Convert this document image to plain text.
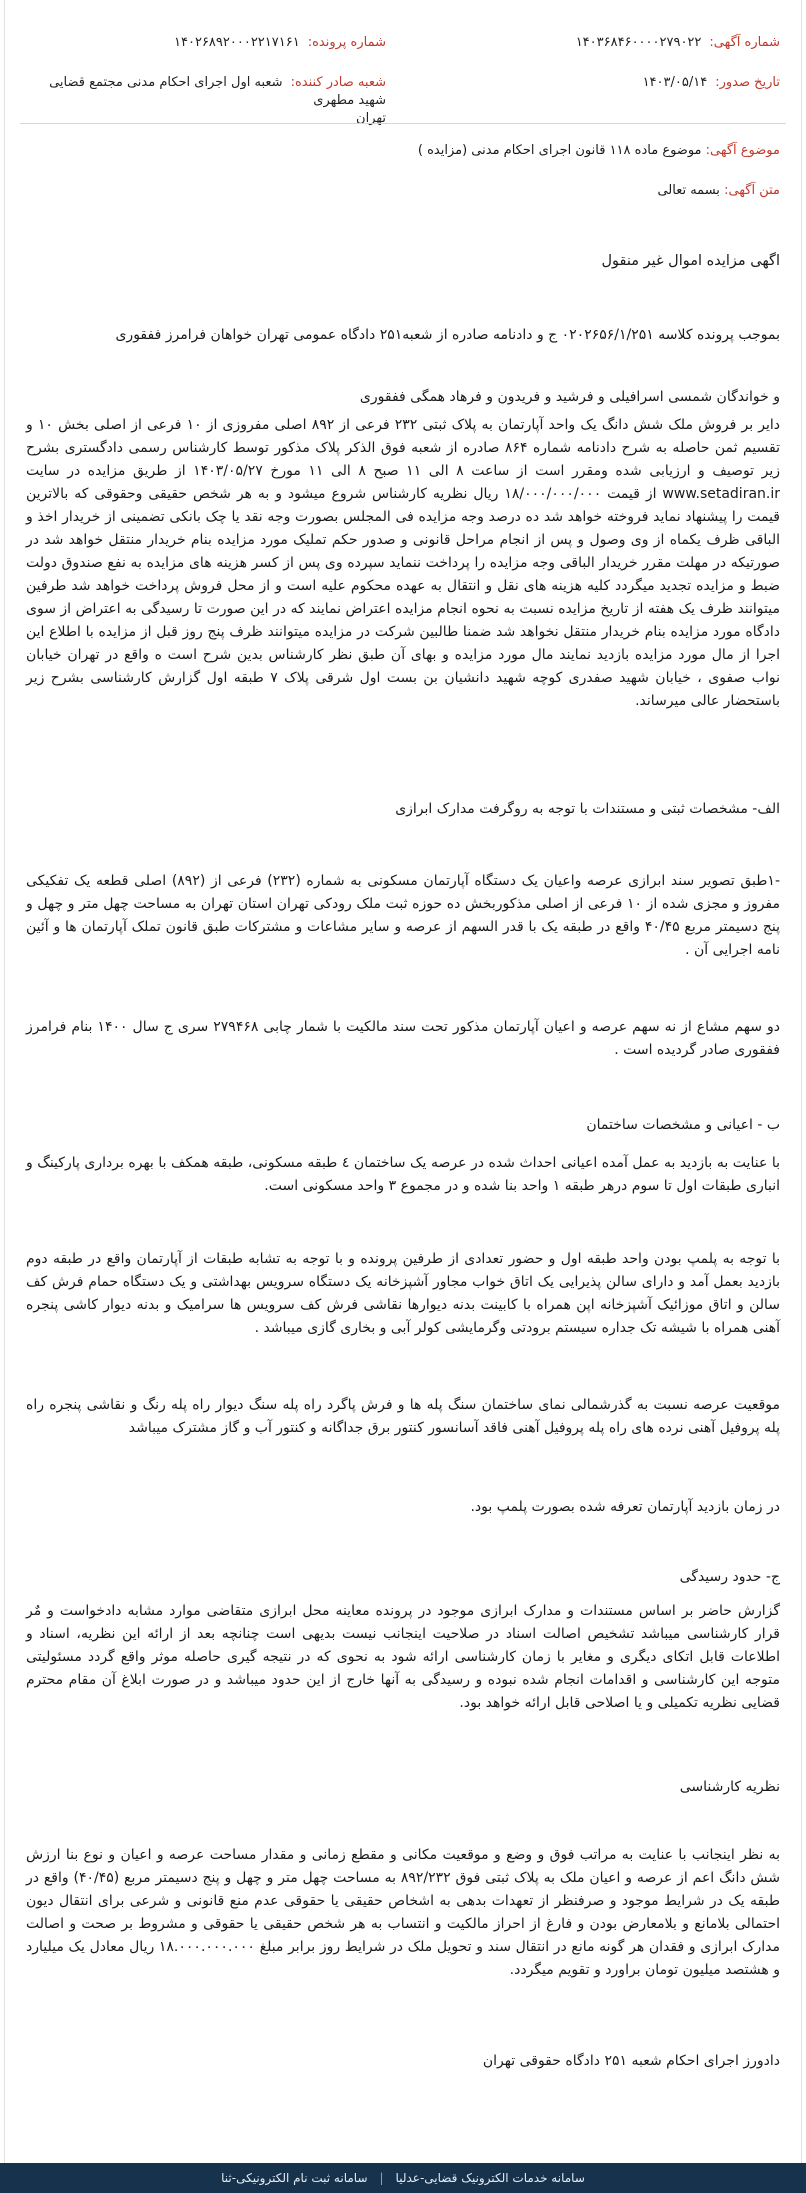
شماره آگهی:۱۴۰۳۶۸۴۶۰۰۰۰۲۷۹۰۲۲
شماره پرونده:۱۴۰۲۶۸۹۲۰۰۰۲۲۱۷۱۶۱
تاریخ صدور:۱۴۰۳/۰۵/۱۴
شعبه صادر کننده:شعبه اول اجرای احکام مدنی مجتمع قضایی شهید مطهری
تهران
موضوع آگهی: موضوع ماده ۱۱۸ قانون اجرای احکام مدنی (مزایده )
متن آگهی: بسمه تعالی
اگهی مزایده اموال غیر منقول
بموجب پرونده کلاسه ۰۲۰۲۶۵۶/۱/۲۵۱ ج و دادنامه صادره از شعبه۲۵۱ دادگاه عمومی تهران خواهان فرامرز ففقوری
و خواندگان شمسی اسرافیلی و فرشید و فریدون و فرهاد همگی ففقوری
دایر بر فروش ملک شش دانگ یک واحد آپارتمان به پلاک ثبتی ۲۳۲ فرعی از ۸۹۲ اصلی مفروزی از ۱۰ فرعی از اصلی بخش ۱۰ و تقسیم ثمن حاصله به شرح دادنامه شماره ۸۶۴ صادره از شعبه فوق الذکر پلاک مذکور توسط کارشناس رسمی دادگستری بشرح زیر توصیف و ارزیابی شده ومقرر است از ساعت ۸ الی ۱۱ صبح ۸ الی ۱۱ مورخ ۱۴۰۳/۰۵/۲۷ از طریق مزایده در سایت www.setadiran.ir از قیمت ۱۸/۰۰۰/۰۰۰/۰۰۰ ریال نظریه کارشناس شروع میشود و به هر شخص حقیقی وحقوقی که بالاترین قیمت را پیشنهاد نماید فروخته خواهد شد ده درصد وجه مزایده فی المجلس بصورت وجه نقد یا چک بانکی تضمینی از خریدار اخذ و الباقی ظرف یکماه از وی وصول و پس از انجام مراحل قانونی و صدور حکم تملیک مورد مزایده بنام خریدار منتقل خواهد شد در صورتیکه در مهلت مقرر خریدار الباقی وجه مزایده را پرداخت ننماید سپرده وی پس از کسر هزینه های مزایده به نفع صندوق دولت ضبط و مزایده تجدید میگردد کلیه هزینه های نقل و انتقال به عهده محکوم علیه است و از محل فروش پرداخت خواهد شد طرفین میتوانند ظرف یک هفته از تاریخ مزایده نسبت به نحوه انجام مزایده اعتراض نمایند که در این صورت تا رسیدگی به اعتراض از سوی دادگاه مورد مزایده بنام خریدار منتقل نخواهد شد ضمنا طالبین شرکت در مزایده میتوانند ظرف پنج روز قبل از مزایده با اطلاع این اجرا از مال مورد مزایده بازدید نمایند مال مورد مزایده و بهای آن طبق نظر کارشناس بدین شرح است ه واقع در تهران خیابان نواب صفوی ، خیابان شهید صفدری کوچه شهید دانشیان بن بست اول شرقی پلاک ۷ طبقه اول گزارش کارشناسی بشرح زیر باستحضار عالی میرساند.
الف- مشخصات ثبتی و مستندات با توجه به روگرفت مدارک ابرازی
-۱طبق تصویر سند ابرازی عرصه واعیان یک دستگاه آپارتمان مسکونی به شماره (۲۳۲) فرعی از (۸۹۲) اصلی قطعه یک تفکیکی مفروز و مجزی شده از ۱۰ فرعی از اصلی مذکوربخش ده حوزه ثبت ملک رودکی تهران استان تهران به مساحت چهل متر و چهل و پنج دسیمتر مربع ۴۰/۴۵ واقع در طبقه یک با قدر السهم از عرصه و سایر مشاعات و مشترکات طبق قانون تملک آپارتمان ها و آئین نامه اجرایی آن .
دو سهم مشاع از نه سهم عرصه و اعیان آپارتمان مذکور تحت سند مالکیت با شمار چابی ۲۷۹۴۶۸ سری ج سال ۱۴۰۰ بنام فرامرز ففقوری صادر گردیده است .
ب - اعیانی و مشخصات ساختمان
با عنایت به بازدید به عمل آمده اعیانی احداث شده در عرصه یک ساختمان ٤ طبقه مسکونی، طبقه همکف با بهره برداری پارکینگ و انباری طبقات اول تا سوم درهر طبقه ۱ واحد بنا شده و در مجموع ۳ واحد مسکونی است.
با توجه به پلمپ بودن واحد طبقه اول و حضور تعدادی از طرفین پرونده و با توجه به تشابه طبقات از آپارتمان واقع در طبقه دوم بازدید بعمل آمد و دارای سالن پذیرایی یک اتاق خواب مجاور آشپزخانه یک دستگاه سرویس بهداشتی و یک دستگاه حمام فرش کف سالن و اتاق موزائیک آشپزخانه اپن همراه با کابینت بدنه دیوارها نقاشی فرش کف سرویس ها سرامیک و بدنه دیوار کاشی پنجره آهنی همراه با شیشه تک جداره سیستم برودتی وگرمایشی کولر آبی و بخاری گازی میباشد .
موقعیت عرصه نسبت به گذرشمالی نمای ساختمان سنگ پله ها و فرش پاگرد راه پله سنگ دیوار راه پله رنگ و نقاشی پنجره راه پله پروفیل آهنی نرده های راه پله پروفیل آهنی فاقد آسانسور کنتور برق جداگانه و کنتور آب و گاز مشترک میباشد
در زمان بازدید آپارتمان تعرفه شده بصورت پلمپ بود.
ج- حدود رسیدگی
گزارش حاضر بر اساس مستندات و مدارک ابرازی موجود در پرونده معاینه محل ابرازی متقاضی موارد مشابه دادخواست و مٌر قرار کارشناسی میباشد تشخیص اصالت اسناد در صلاحیت اینجانب نیست بدیهی است چنانچه بعد از ارائه این نظریه، اسناد و اطلاعات قابل اتکای دیگری و مغایر با زمان کارشناسی ارائه شود به نحوی که در نتیجه گیری حاصله موثر واقع گردد مسئولیتی متوجه این کارشناسی و اقدامات انجام شده نبوده و رسیدگی به آنها خارج از این حدود میباشد و در صورت ابلاغ آن مقام محترم قضایی نظریه تکمیلی و یا اصلاحی قابل ارائه خواهد بود.
نظریه کارشناسی
به نظر اینجانب با عنایت به مراتب فوق و وضع و موقعیت مکانی و مقطع زمانی و مقدار مساحت عرصه و اعیان و نوع بنا ارزش شش دانگ اعم از عرصه و اعیان ملک به پلاک ثبتی فوق ۸۹۲/۲۳۲ به مساحت چهل متر و چهل و پنج دسیمتر مربع (۴۰/۴۵) واقع در طبقه یک در شرایط موجود و صرفنظر از تعهدات بدهی به اشخاص حقیقی یا حقوقی عدم منع قانونی و شرعی برای انتقال دیون احتمالی بلامانع و بلامعارض بودن و فارغ از احراز مالکیت و انتساب به هر شخص حقیقی یا حقوقی و مشروط بر صحت و اصالت مدارک ابرازی و فقدان هر گونه مانع در انتقال سند و تحویل ملک در شرایط روز برابر مبلغ ۱۸.۰۰۰.۰۰۰.۰۰۰ ریال معادل یک میلیارد و هشتصد میلیون تومان براورد و تقویم میگردد.
دادورز اجرای احکام شعبه ۲۵۱ دادگاه حقوقی تهران
سامانه خدمات الکترونیک قضایی-عدلیا|سامانه ثبت نام الکترونیکی-ثنا
